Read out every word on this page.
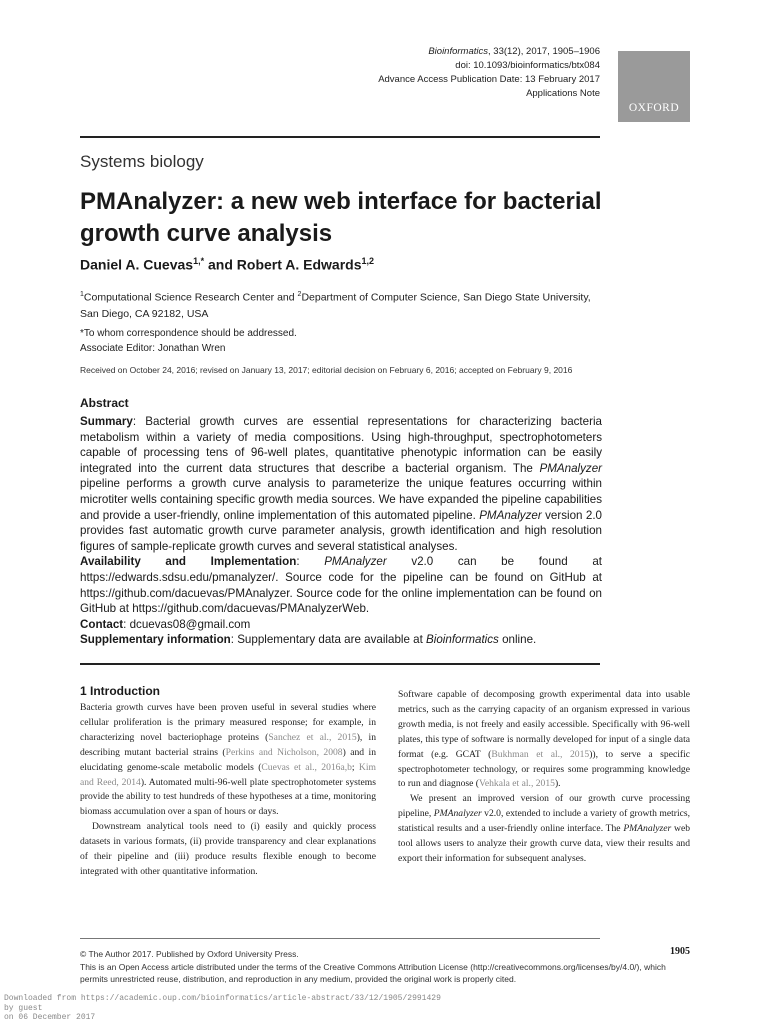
Bioinformatics, 33(12), 2017, 1905–1906
doi: 10.1093/bioinformatics/btx084
Advance Access Publication Date: 13 February 2017
Applications Note
OXFORD
Systems biology
PMAnalyzer: a new web interface for bacterial growth curve analysis
Daniel A. Cuevas$^{1,*}$ and Robert A. Edwards$^{1,2}$
$^1$Computational Science Research Center and $^2$Department of Computer Science, San Diego State University, San Diego, CA 92182, USA
*To whom correspondence should be addressed.
Associate Editor: Jonathan Wren
Received on October 24, 2016; revised on January 13, 2017; editorial decision on February 6, 2016; accepted on February 9, 2016
Abstract

Summary: Bacterial growth curves are essential representations for characterizing bacteria metabolism within a variety of media compositions. Using high-throughput, spectrophotometers capable of processing tens of 96-well plates, quantitative phenotypic information can be easily integrated into the current data structures that describe a bacterial organism. The PMAnalyzer pipeline performs a growth curve analysis to parameterize the unique features occurring within microtiter wells containing specific growth media sources. We have expanded the pipeline capabilities and provide a user-friendly, online implementation of this automated pipeline. PMAnalyzer version 2.0 provides fast automatic growth curve parameter analysis, growth identification and high resolution figures of sample-replicate growth curves and several statistical analyses.

Availability and Implementation: PMAnalyzer v2.0 can be found at https://edwards.sdsu.edu/pmanalyzer/. Source code for the pipeline can be found on GitHub at https://github.com/dacuevas/PMAnalyzer. Source code for the online implementation can be found on GitHub at https://github.com/dacuevas/PMAnalyzerWeb.

Contact: dcuevas08@gmail.com

Supplementary information: Supplementary data are available at Bioinformatics online.

1 Introduction

Bacteria growth curves have been proven useful in several studies where cellular proliferation is the primary measured response; for example, in characterizing novel bacteriophage proteins (Sanchez et al., 2015), in describing mutant bacterial strains (Perkins and Nicholson, 2008) and in elucidating genome-scale metabolic models (Cuevas et al., 2016a,b; Kim and Reed, 2014). Automated multi-96-well plate spectrophotometer systems provide the ability to test hundreds of these hypotheses at a time, monitoring biomass accumulation over a span of hours or days.

Downstream analytical tools need to (i) easily and quickly process datasets in various formats, (ii) provide transparency and clear explanations of their pipeline and (iii) produce results flexible enough to become integrated with other quantitative information.

Software capable of decomposing growth experimental data into usable metrics, such as the carrying capacity of an organism expressed in various growth media, is not freely and easily accessible. Specifically with 96-well plates, this type of software is normally developed for input of a single data format (e.g. GCAT (Bukhman et al., 2015)), to serve a specific spectrophotometer technology, or requires some programming knowledge to run and diagnose (Vehkala et al., 2015).

We present an improved version of our growth curve processing pipeline, PMAnalyzer v2.0, extended to include a variety of growth metrics, statistical results and a user-friendly online interface. The PMAnalyzer web tool allows users to analyze their growth curve data, view their results and export their information for subsequent analyses.

© The Author 2017. Published by Oxford University Press.

This is an Open Access article distributed under the terms of the Creative Commons Attribution License (http://creativecommons.org/licenses/by/4.0/), which permits unrestricted reuse, distribution, and reproduction in any medium, provided the original work is properly cited.

1905
Downloaded from https://academic.oup.com/bioinformatics/article-abstract/33/12/1905/2991429
by guest
on 06 December 2017
